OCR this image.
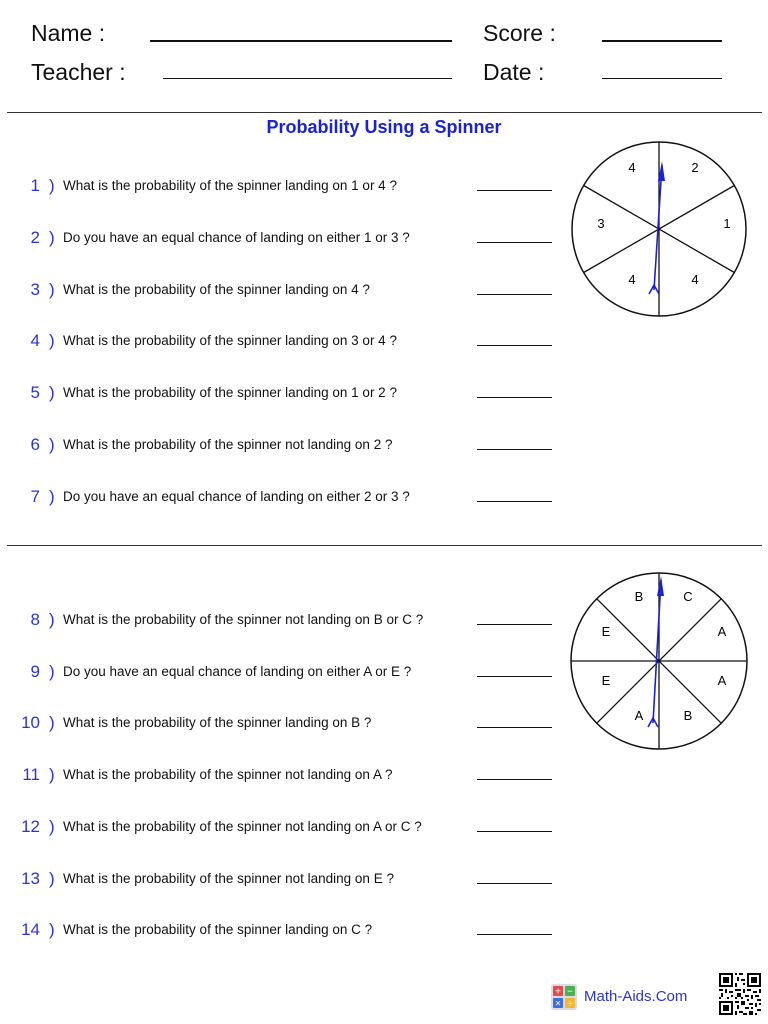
Name :	Score :
Teacher :	Date :
Probability Using a Spinner
2
1
4
4
3
4
C
A
A
B
A
E
E
B
1 ) What is the probability of the spinner landing on 1 or 4 ?
2 ) Do you have an equal chance of landing on either 1 or 3 ?
3 ) What is the probability of the spinner landing on 4 ?
4 ) What is the probability of the spinner landing on 3 or 4 ?
5 ) What is the probability of the spinner landing on 1 or 2 ?
6 ) What is the probability of the spinner not landing on 2 ?
7 ) Do you have an equal chance of landing on either 2 or 3 ?
8 ) What is the probability of the spinner not landing on B or C ?
9 ) Do you have an equal chance of landing on either A or E ?
10 ) What is the probability of the spinner landing on B ?
11 ) What is the probability of the spinner not landing on A ?
12 ) What is the probability of the spinner not landing on A or C ?
13 ) What is the probability of the spinner not landing on E ?
14 ) What is the probability of the spinner landing on C ?
+ −
× ÷ Math-Aids.Com
